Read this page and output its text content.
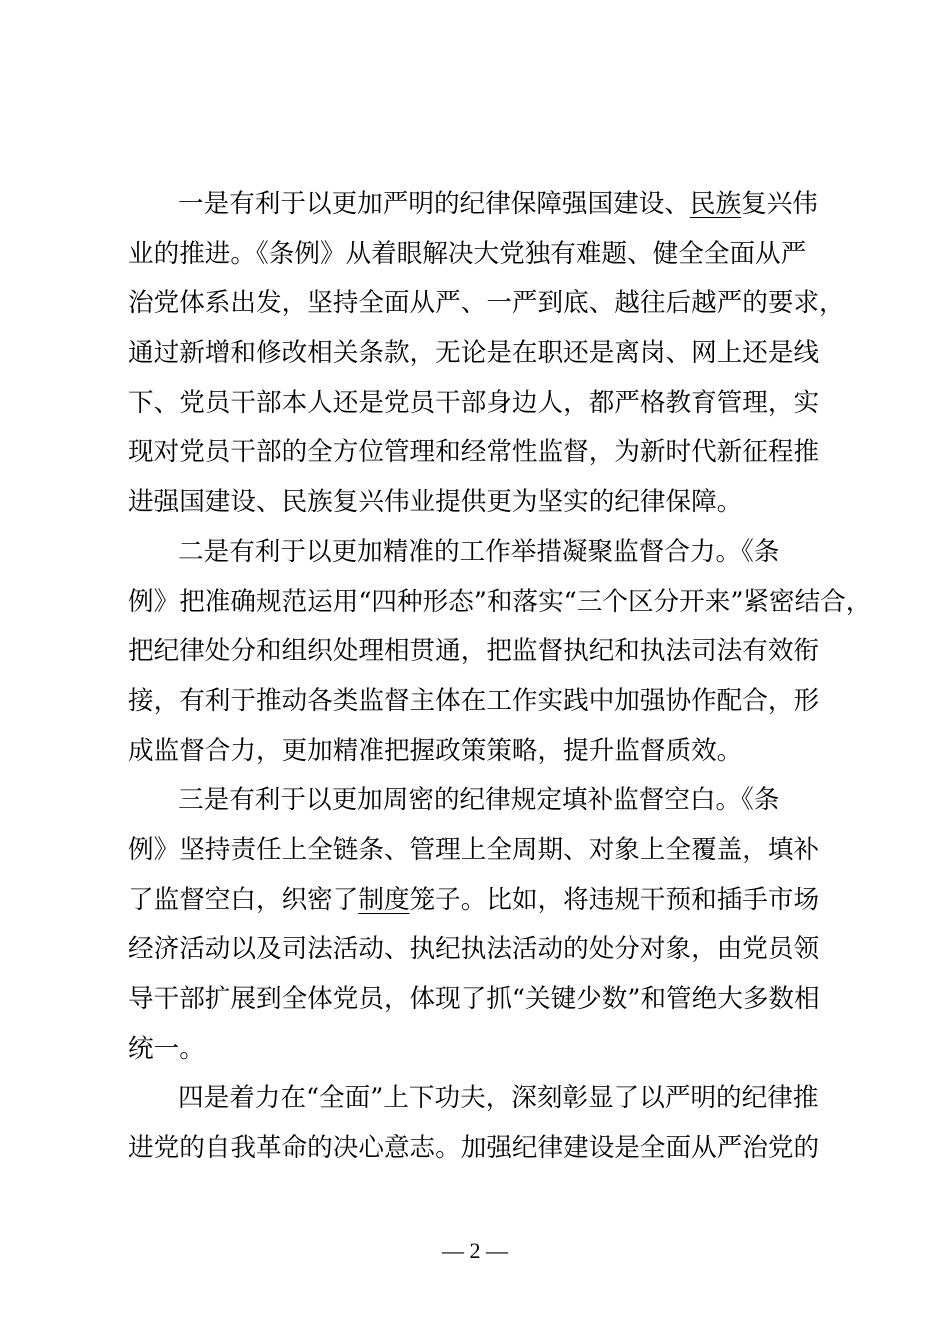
一是有利于以更加严明的纪律保障强国建设、民族复兴伟
业的推进。《条例》从着眼解决大党独有难题、健全全面从严
治党体系出发，坚持全面从严、一严到底、越往后越严的要求，
通过新增和修改相关条款，无论是在职还是离岗、网上还是线
下、党员干部本人还是党员干部身边人，都严格教育管理，实
现对党员干部的全方位管理和经常性监督，为新时代新征程推
进强国建设、民族复兴伟业提供更为坚实的纪律保障。
二是有利于以更加精准的工作举措凝聚监督合力。《条
例》把准确规范运用“四种形态”和落实“三个区分开来”紧密结合，
把纪律处分和组织处理相贯通，把监督执纪和执法司法有效衔
接，有利于推动各类监督主体在工作实践中加强协作配合，形
成监督合力，更加精准把握政策策略，提升监督质效。
三是有利于以更加周密的纪律规定填补监督空白。《条
例》坚持责任上全链条、管理上全周期、对象上全覆盖，填补
了监督空白，织密了制度笼子。比如，将违规干预和插手市场
经济活动以及司法活动、执纪执法活动的处分对象，由党员领
导干部扩展到全体党员，体现了抓“关键少数”和管绝大多数相
统一。
四是着力在“全面”上下功夫，深刻彰显了以严明的纪律推
进党的自我革命的决心意志。加强纪律建设是全面从严治党的
— 2 —
